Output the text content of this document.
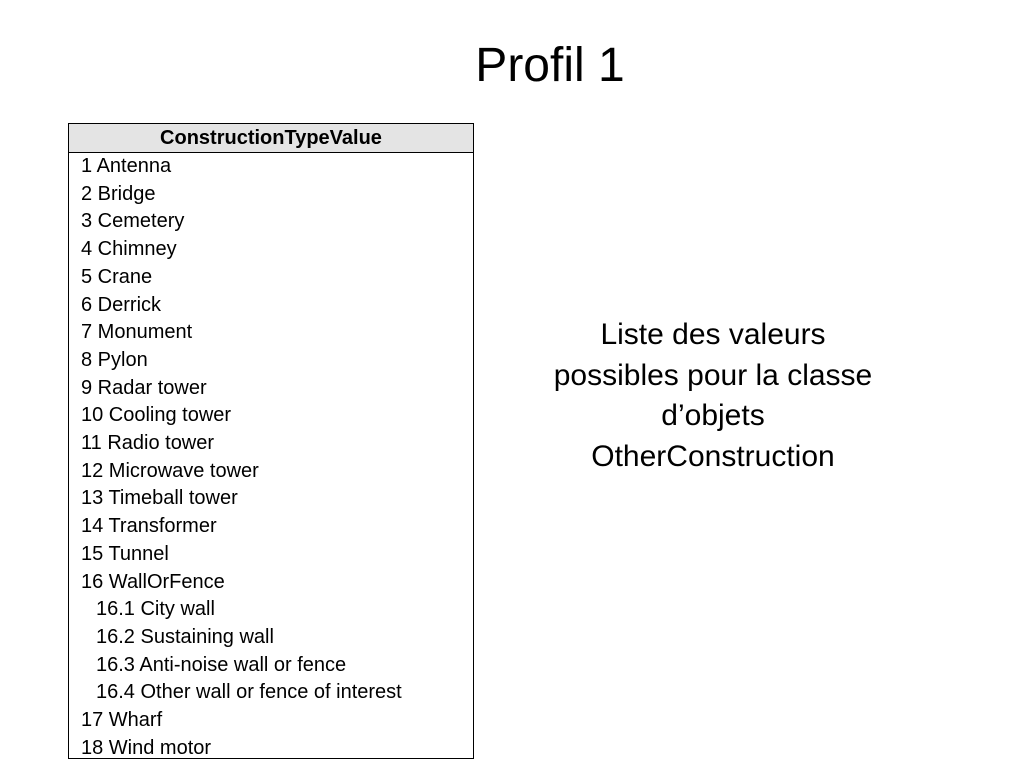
Profil 1
ConstructionTypeValue
1 Antenna
2 Bridge
3 Cemetery
4 Chimney
5 Crane
6 Derrick
7 Monument
8 Pylon
9 Radar tower
10 Cooling tower
11 Radio tower
12 Microwave tower
13 Timeball tower
14 Transformer
15 Tunnel
16 WallOrFence
16.1 City wall
16.2 Sustaining wall
16.3 Anti-noise wall or fence
16.4 Other wall or fence of interest
17 Wharf
18 Wind motor
Liste des valeurs
possibles pour la classe
d’objets
OtherConstruction
